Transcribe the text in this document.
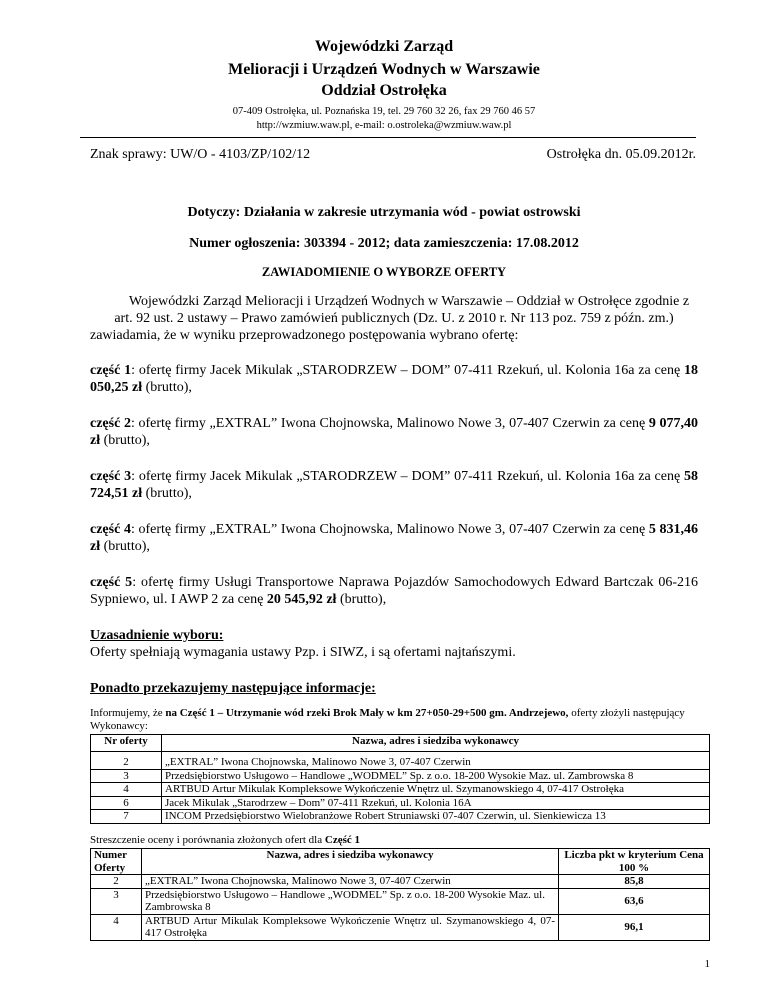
Wojewódzki Zarząd
Melioracji i Urządzeń Wodnych w Warszawie
Oddział Ostrołęka
07-409 Ostrołęka, ul. Poznańska 19, tel. 29 760 32 26, fax 29 760 46 57
http://wzmiuw.waw.pl, e-mail: o.ostroleka@wzmiuw.waw.pl
Znak sprawy: UW/O - 4103/ZP/102/12	Ostrołęka dn. 05.09.2012r.
Dotyczy: Działania w zakresie utrzymania wód - powiat ostrowski
Numer ogłoszenia: 303394 - 2012; data zamieszczenia: 17.08.2012
ZAWIADOMIENIE O WYBORZE OFERTY
Wojewódzki Zarząd Melioracji i Urządzeń Wodnych w Warszawie – Oddział w Ostrołęce zgodnie z art. 92 ust. 2 ustawy – Prawo zamówień publicznych (Dz. U. z 2010 r. Nr 113 poz. 759 z późn. zm.) zawiadamia, że w wyniku przeprowadzonego postępowania wybrano ofertę:
część 1: ofertę firmy Jacek Mikulak „STARODRZEW – DOM” 07-411 Rzekuń, ul. Kolonia 16a za cenę 18 050,25 zł (brutto),
część 2: ofertę firmy „EXTRAL” Iwona Chojnowska, Malinowo Nowe 3, 07-407 Czerwin za cenę 9 077,40 zł (brutto),
część 3: ofertę firmy Jacek Mikulak „STARODRZEW – DOM” 07-411 Rzekuń, ul. Kolonia 16a za cenę 58 724,51 zł (brutto),
część 4: ofertę firmy „EXTRAL” Iwona Chojnowska, Malinowo Nowe 3, 07-407 Czerwin za cenę 5 831,46 zł (brutto),
część 5: ofertę firmy Usługi Transportowe Naprawa Pojazdów Samochodowych Edward Bartczak 06-216 Sypniewo, ul. I AWP 2 za cenę 20 545,92 zł (brutto),
Uzasadnienie wyboru:
Oferty spełniają wymagania ustawy Pzp. i SIWZ, i są ofertami najtańszymi.
Ponadto przekazujemy następujące informacje:
Informujemy, że na Część 1 – Utrzymanie wód rzeki Brok Mały w km 27+050-29+500 gm. Andrzejewo, oferty złożyli następujący Wykonawcy:
Nr oferty	Nazwa, adres i siedziba wykonawcy
2	„EXTRAL” Iwona Chojnowska, Malinowo Nowe 3, 07-407 Czerwin
3	Przedsiębiorstwo Usługowo – Handlowe „WODMEL” Sp. z o.o. 18-200 Wysokie Maz. ul. Zambrowska 8
4	ARTBUD Artur Mikulak Kompleksowe Wykończenie Wnętrz ul. Szymanowskiego 4, 07-417 Ostrołęka
6	Jacek Mikulak „Starodrzew – Dom” 07-411 Rzekuń, ul. Kolonia 16A
7	INCOM Przedsiębiorstwo Wielobranżowe Robert Struniawski 07-407 Czerwin, ul. Sienkiewicza 13
Streszczenie oceny i porównania złożonych ofert dla Część 1
Numer Oferty	Nazwa, adres i siedziba wykonawcy	Liczba pkt w kryterium Cena 100 %
2	„EXTRAL” Iwona Chojnowska, Malinowo Nowe 3, 07-407 Czerwin	85,8
3	Przedsiębiorstwo Usługowo – Handlowe „WODMEL” Sp. z o.o. 18-200 Wysokie Maz. ul. Zambrowska 8	63,6
4	ARTBUD Artur Mikulak Kompleksowe Wykończenie Wnętrz ul. Szymanowskiego 4, 07-417 Ostrołęka	96,1
1
